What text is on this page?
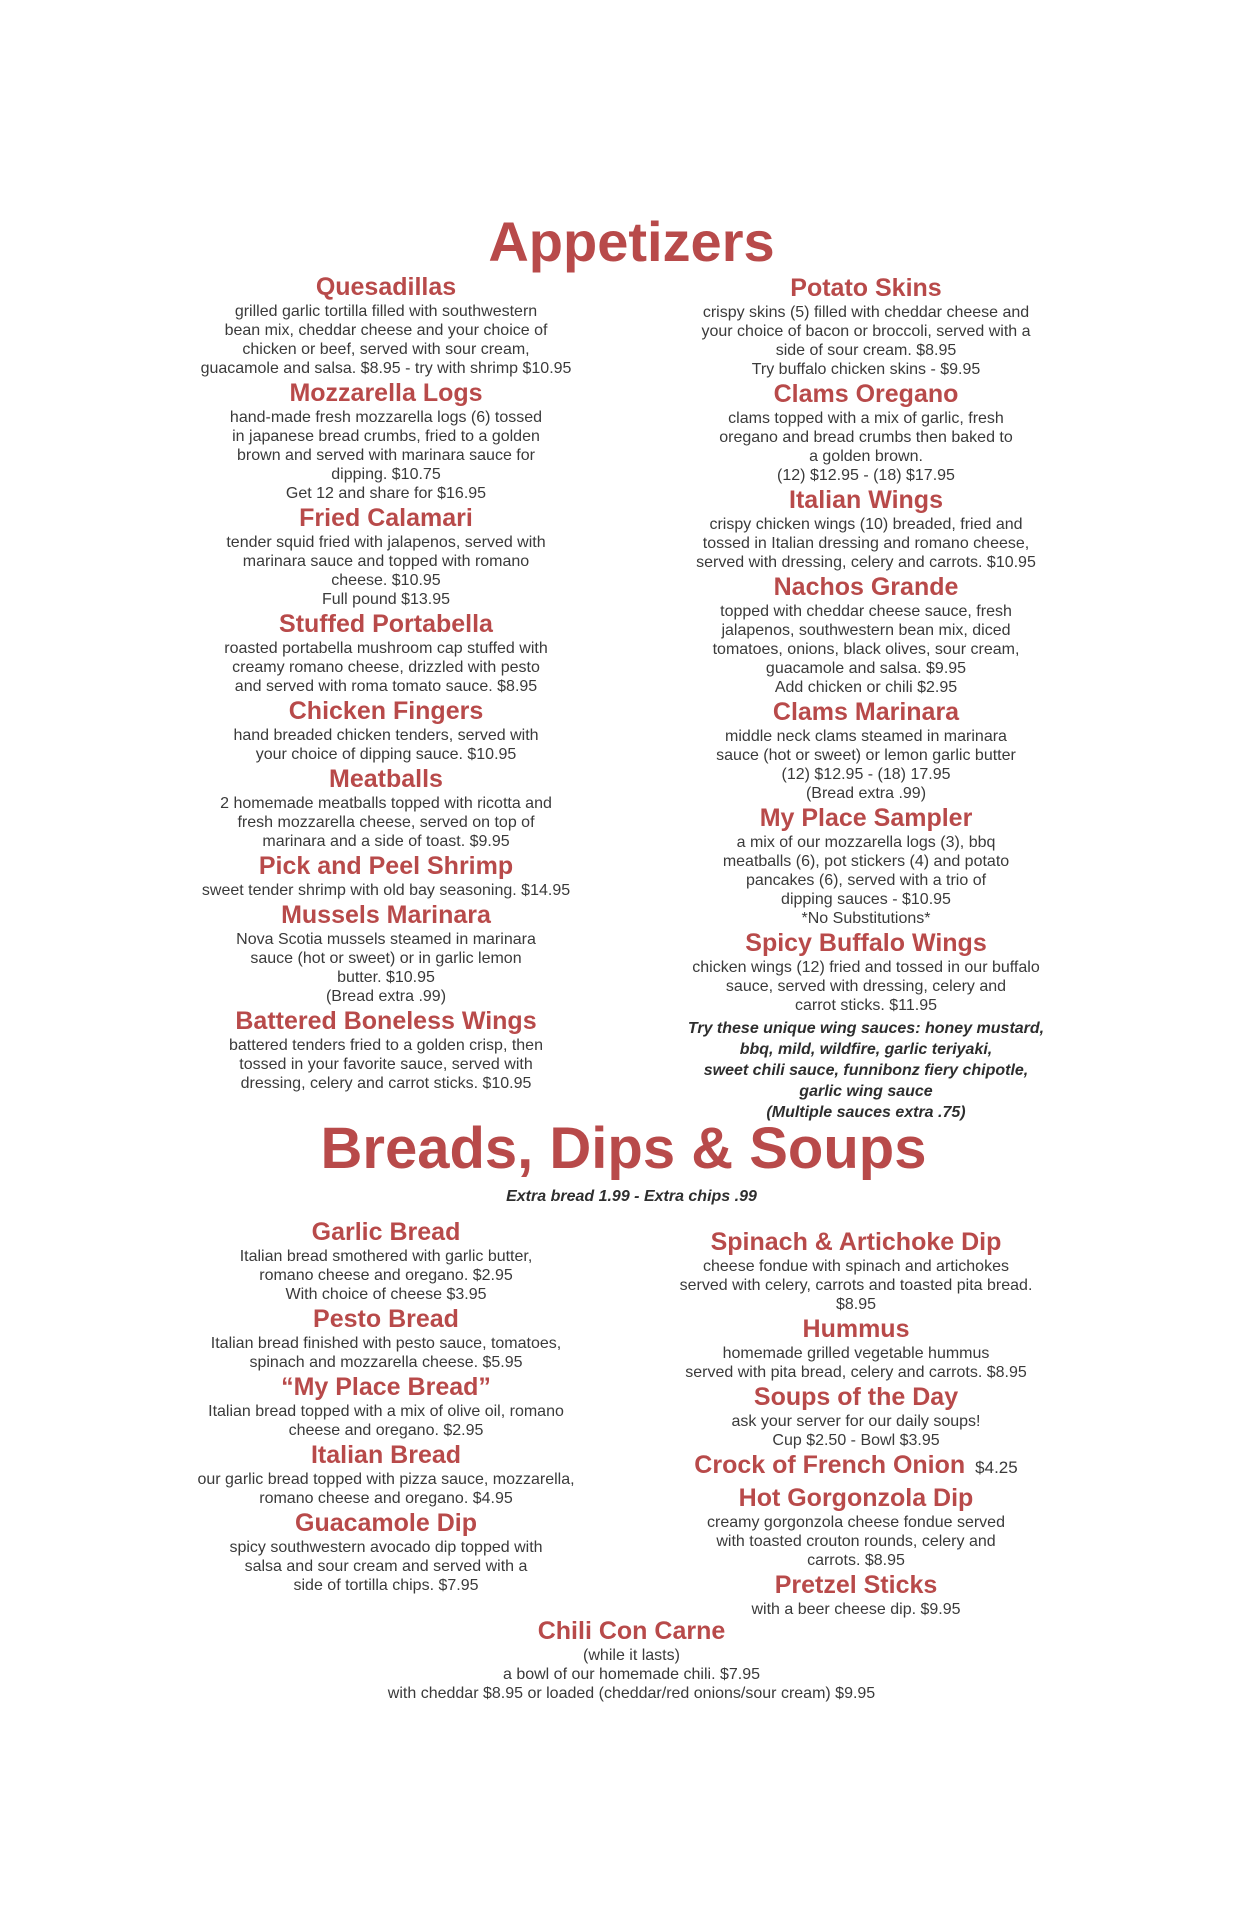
Appetizers

Quesadillas

grilled garlic tortilla filled with southwestern

bean mix, cheddar cheese and your choice of

chicken or beef, served with sour cream,

guacamole and salsa. $8.95 - try with shrimp $10.95

Mozzarella Logs

hand-made fresh mozzarella logs (6) tossed

in japanese bread crumbs, fried to a golden

brown and served with marinara sauce for

dipping. $10.75

Get 12 and share for $16.95

Fried Calamari

tender squid fried with jalapenos, served with

marinara sauce and topped with romano

cheese. $10.95

Full pound $13.95

Stuffed Portabella

roasted portabella mushroom cap stuffed with

creamy romano cheese, drizzled with pesto

and served with roma tomato sauce. $8.95

Chicken Fingers

hand breaded chicken tenders, served with

your choice of dipping sauce. $10.95

Meatballs

2 homemade meatballs topped with ricotta and

fresh mozzarella cheese, served on top of

marinara and a side of toast. $9.95

Pick and Peel Shrimp

sweet tender shrimp with old bay seasoning. $14.95

Mussels Marinara

Nova Scotia mussels steamed in marinara

sauce (hot or sweet) or in garlic lemon

butter. $10.95

(Bread extra .99)

Battered Boneless Wings

battered tenders fried to a golden crisp, then

tossed in your favorite sauce, served with

dressing, celery and carrot sticks. $10.95

Potato Skins

crispy skins (5) filled with cheddar cheese and

your choice of bacon or broccoli, served with a

side of sour cream. $8.95

Try buffalo chicken skins - $9.95

Clams Oregano

clams topped with a mix of garlic, fresh

oregano and bread crumbs then baked to

a golden brown.

(12) $12.95 - (18) $17.95

Italian Wings

crispy chicken wings (10) breaded, fried and

tossed in Italian dressing and romano cheese,

served with dressing, celery and carrots. $10.95

Nachos Grande

topped with cheddar cheese sauce, fresh

jalapenos, southwestern bean mix, diced

tomatoes, onions, black olives, sour cream,

guacamole and salsa. $9.95

Add chicken or chili $2.95

Clams Marinara

middle neck clams steamed in marinara

sauce (hot or sweet) or lemon garlic butter

(12) $12.95 - (18) 17.95

(Bread extra .99)

My Place Sampler

a mix of our mozzarella logs (3), bbq

meatballs (6), pot stickers (4) and potato

pancakes (6), served with a trio of

dipping sauces - $10.95

*No Substitutions*

Spicy Buffalo Wings

chicken wings (12) fried and tossed in our buffalo

sauce, served with dressing, celery and

carrot sticks. $11.95

Try these unique wing sauces: honey mustard,

bbq, mild, wildfire, garlic teriyaki,

sweet chili sauce, funnibonz fiery chipotle,

garlic wing sauce

(Multiple sauces extra .75)

Breads, Dips & Soups

Extra bread 1.99 - Extra chips .99

Garlic Bread

Italian bread smothered with garlic butter,

romano cheese and oregano. $2.95

With choice of cheese $3.95

Pesto Bread

Italian bread finished with pesto sauce, tomatoes,

spinach and mozzarella cheese. $5.95

“My Place Bread”

Italian bread topped with a mix of olive oil, romano

cheese and oregano. $2.95

Italian Bread

our garlic bread topped with pizza sauce, mozzarella,

romano cheese and oregano. $4.95

Guacamole Dip

spicy southwestern avocado dip topped with

salsa and sour cream and served with a

side of tortilla chips. $7.95

Spinach & Artichoke Dip

cheese fondue with spinach and artichokes

served with celery, carrots and toasted pita bread.

$8.95

Hummus

homemade grilled vegetable hummus

served with pita bread, celery and carrots. $8.95

Soups of the Day

ask your server for our daily soups!

Cup $2.50 - Bowl $3.95

Crock of French Onion $4.25

Hot Gorgonzola Dip

creamy gorgonzola cheese fondue served

with toasted crouton rounds, celery and

carrots. $8.95

Pretzel Sticks

with a beer cheese dip. $9.95

Chili Con Carne

(while it lasts)

a bowl of our homemade chili. $7.95

with cheddar $8.95 or loaded (cheddar/red onions/sour cream) $9.95
